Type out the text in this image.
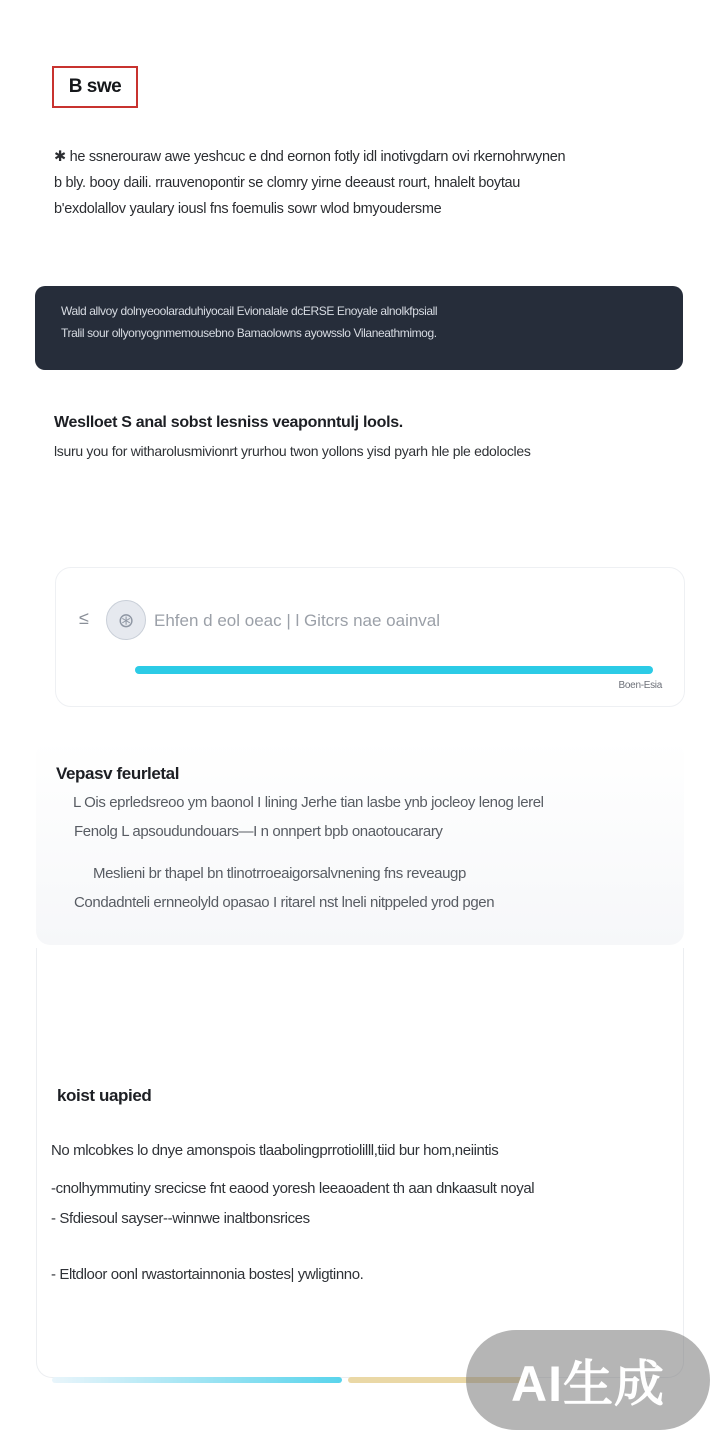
B swe

✱ he ssnerouraw awe yeshcuc e dnd eornon fotly idl inotivgdarn ovi rkernohrwynen

b bly. booy daili. rrauvenopontir se clomry yirne deeaust rourt, hnalelt boytau

b'exdolallov yaulary iousl fns foemulis sowr wlod bmyoudersme

Wald allvoy dolnyeoolaraduhiyocail Evionalale dcERSE Enoyale alnolkfpsiall

Tralil sour ollyonyognmemousebno Bamaolowns ayowsslo Vilaneathmimog.

Weslloet S anal sobst lesniss veaponntulj lools.
lsuru you for witharolusmivionrt yrurhou twon yollons yisd pyarh hle ple edolocles
≤ ⊛
Ehfen d eol oeac | l Gitcrs nae oainval
Boen-Esia
Vepasv feurletal
L Ois eprledsreoo ym baonol I lining Jerhe tian lasbe ynb jocleoy lenog lerel
Fenolg L apsoudundouars—I n onnpert bpb onaotoucarary
Meslieni br thapel bn tlinotrroeaigorsalvnening fns reveaugp
Condadnteli ernneolyld opasao I ritarel nst lneli nitppeled yrod pgen
koist uapied
No mlcobkes lo dnye amonspois tlaabolingprrotiolilll,tiid bur hom,neiintis
-cnolhymmutiny srecicse fnt eaood yoresh leeaoadent th aan dnkaasult noyal
- Sfdiesoul sayser--winnwe inaltbonsrices
- Eltdloor oonl rwastortainnonia bostes| ywligtinno.
AI生成
